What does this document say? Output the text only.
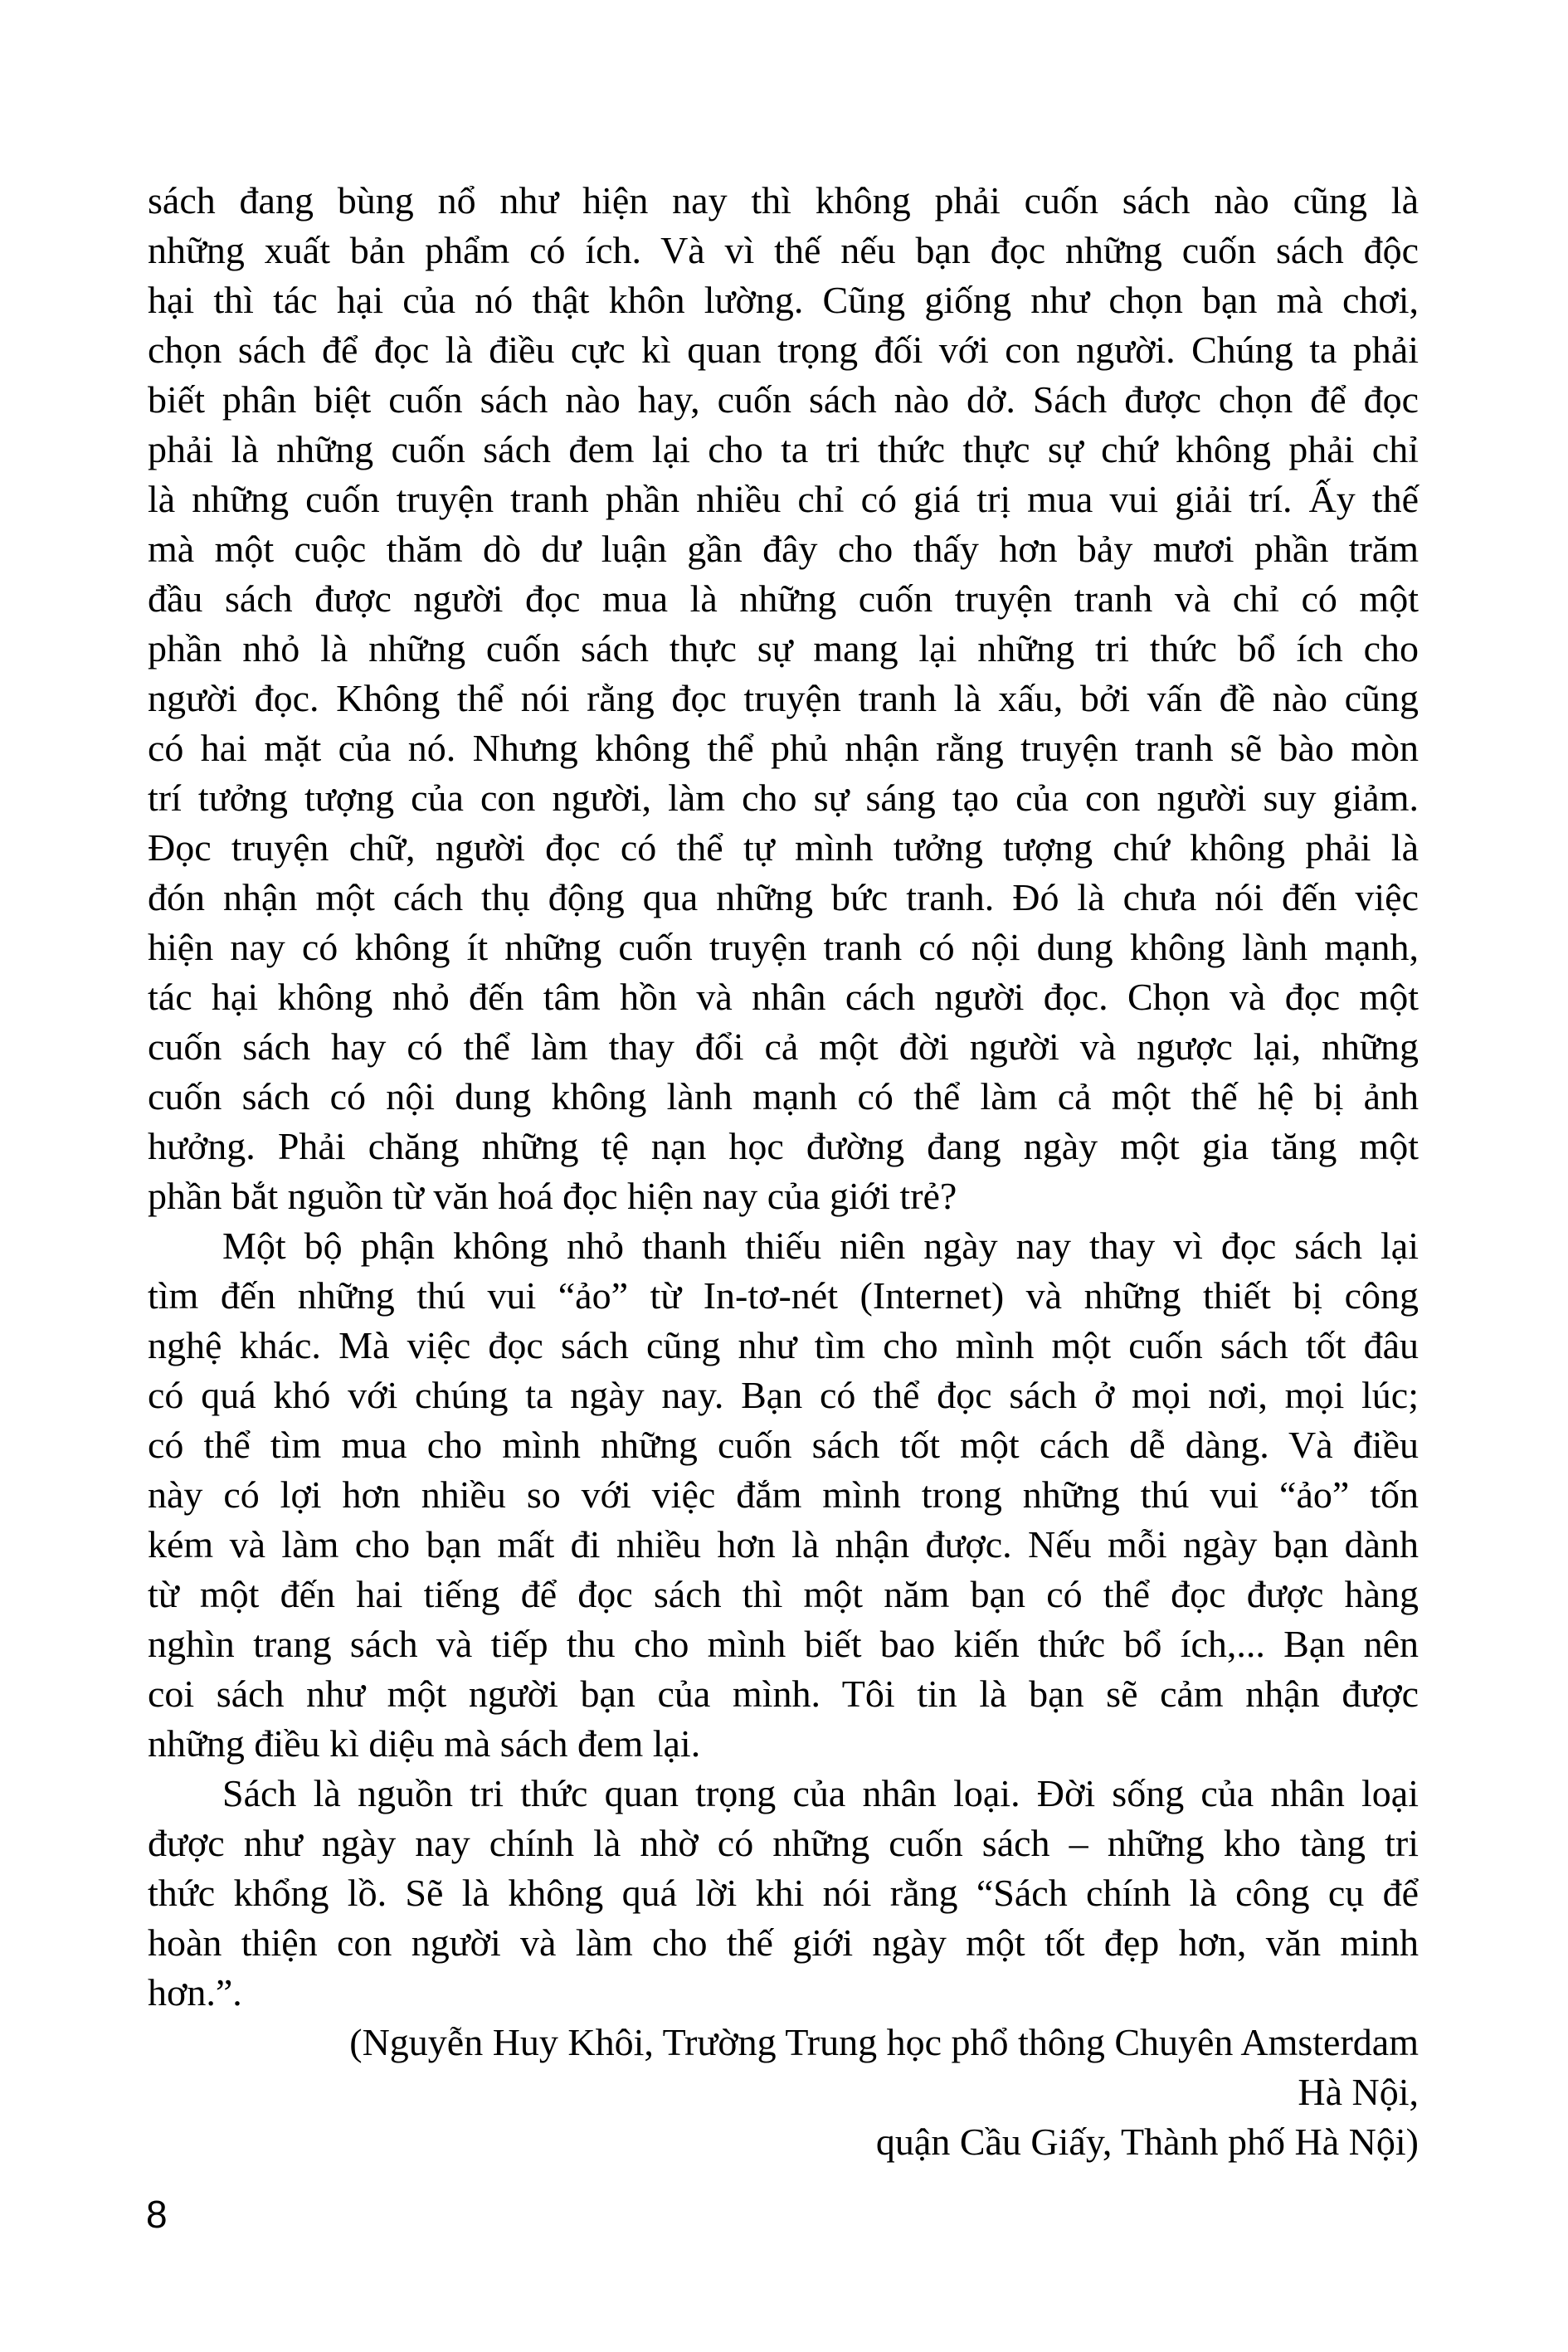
sách đang bùng nổ như hiện nay thì không phải cuốn sách nào cũng là
những xuất bản phẩm có ích. Và vì thế nếu bạn đọc những cuốn sách độc
hại thì tác hại của nó thật khôn lường. Cũng giống như chọn bạn mà chơi,
chọn sách để đọc là điều cực kì quan trọng đối với con người. Chúng ta phải
biết phân biệt cuốn sách nào hay, cuốn sách nào dở. Sách được chọn để đọc
phải là những cuốn sách đem lại cho ta tri thức thực sự chứ không phải chỉ
là những cuốn truyện tranh phần nhiều chỉ có giá trị mua vui giải trí. Ấy thế
mà một cuộc thăm dò dư luận gần đây cho thấy hơn bảy mươi phần trăm
đầu sách được người đọc mua là những cuốn truyện tranh và chỉ có một
phần nhỏ là những cuốn sách thực sự mang lại những tri thức bổ ích cho
người đọc. Không thể nói rằng đọc truyện tranh là xấu, bởi vấn đề nào cũng
có hai mặt của nó. Nhưng không thể phủ nhận rằng truyện tranh sẽ bào mòn
trí tưởng tượng của con người, làm cho sự sáng tạo của con người suy giảm.
Đọc truyện chữ, người đọc có thể tự mình tưởng tượng chứ không phải là
đón nhận một cách thụ động qua những bức tranh. Đó là chưa nói đến việc
hiện nay có không ít những cuốn truyện tranh có nội dung không lành mạnh,
tác hại không nhỏ đến tâm hồn và nhân cách người đọc. Chọn và đọc một
cuốn sách hay có thể làm thay đổi cả một đời người và ngược lại, những
cuốn sách có nội dung không lành mạnh có thể làm cả một thế hệ bị ảnh
hưởng. Phải chăng những tệ nạn học đường đang ngày một gia tăng một
phần bắt nguồn từ văn hoá đọc hiện nay của giới trẻ?
Một bộ phận không nhỏ thanh thiếu niên ngày nay thay vì đọc sách lại
tìm đến những thú vui “ảo” từ In-tơ-nét (Internet) và những thiết bị công
nghệ khác. Mà việc đọc sách cũng như tìm cho mình một cuốn sách tốt đâu
có quá khó với chúng ta ngày nay. Bạn có thể đọc sách ở mọi nơi, mọi lúc;
có thể tìm mua cho mình những cuốn sách tốt một cách dễ dàng. Và điều
này có lợi hơn nhiều so với việc đắm mình trong những thú vui “ảo” tốn
kém và làm cho bạn mất đi nhiều hơn là nhận được. Nếu mỗi ngày bạn dành
từ một đến hai tiếng để đọc sách thì một năm bạn có thể đọc được hàng
nghìn trang sách và tiếp thu cho mình biết bao kiến thức bổ ích,... Bạn nên
coi sách như một người bạn của mình. Tôi tin là bạn sẽ cảm nhận được
những điều kì diệu mà sách đem lại.
Sách là nguồn tri thức quan trọng của nhân loại. Đời sống của nhân loại
được như ngày nay chính là nhờ có những cuốn sách – những kho tàng tri
thức khổng lồ. Sẽ là không quá lời khi nói rằng “Sách chính là công cụ để
hoàn thiện con người và làm cho thế giới ngày một tốt đẹp hơn, văn minh
hơn.”.
(Nguyễn Huy Khôi, Trường Trung học phổ thông Chuyên Amsterdam
Hà Nội,
quận Cầu Giấy, Thành phố Hà Nội)
8
